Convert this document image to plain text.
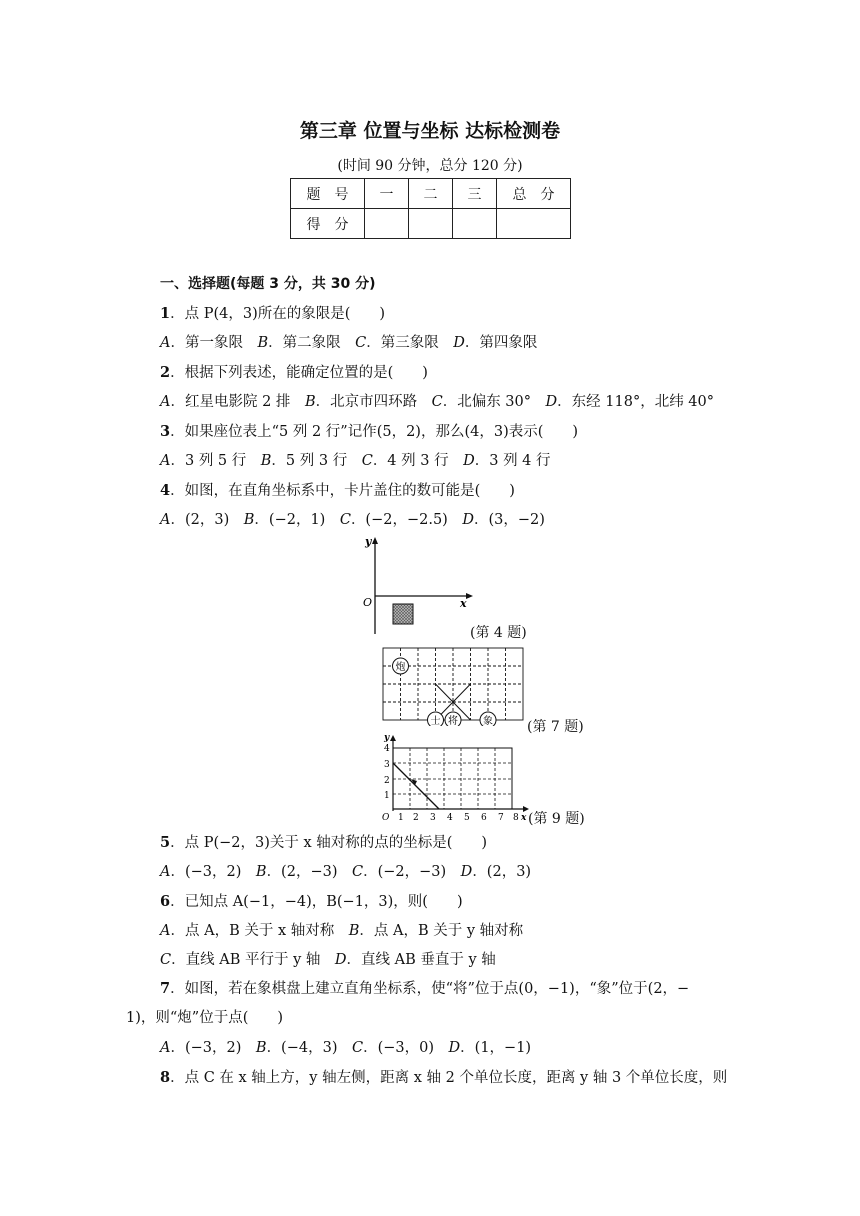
第三章 位置与坐标 达标检测卷
(时间 90 分钟，总分 120 分)
题　号	一	二	三	总　分
得　分				
一、选择题(每题 3 分，共 30 分)
1．点 P(4，3)所在的象限是(　　)
A．第一象限　B．第二象限　C．第三象限　D．第四象限
2．根据下列表述，能确定位置的是(　　)
A．红星电影院 2 排　B．北京市四环路　C．北偏东 30°　D．东经 118°，北纬 40°
3．如果座位表上“5 列 2 行”记作(5，2)，那么(4，3)表示(　　)
A．3 列 5 行　B．5 列 3 行　C．4 列 3 行　D．3 列 4 行
4．如图，在直角坐标系中，卡片盖住的数可能是(　　)
A．(2，3)　B．(−2，1)　C．(−2，−2.5)　D．(3，−2)
y
x
O
(第 4 题)
炮
士 将	象 (第 7 题)
y
4
3
2
1
O 1 2 3 4 5 6 7 8 x (第 9 题)
5．点 P(−2，3)关于 x 轴对称的点的坐标是(　　)
A．(−3，2)　B．(2，−3)　C．(−2，−3)　D．(2，3)
6．已知点 A(−1，−4)，B(−1，3)，则(　　)
A．点 A，B 关于 x 轴对称　B．点 A，B 关于 y 轴对称
C．直线 AB 平行于 y 轴　D．直线 AB 垂直于 y 轴
7．如图，若在象棋盘上建立直角坐标系，使“将”位于点(0，−1)，“象”位于(2，−
1)，则“炮”位于点(　　)
A．(−3，2)　B．(−4，3)　C．(−3，0)　D．(1，−1)
8．点 C 在 x 轴上方，y 轴左侧，距离 x 轴 2 个单位长度，距离 y 轴 3 个单位长度，则
